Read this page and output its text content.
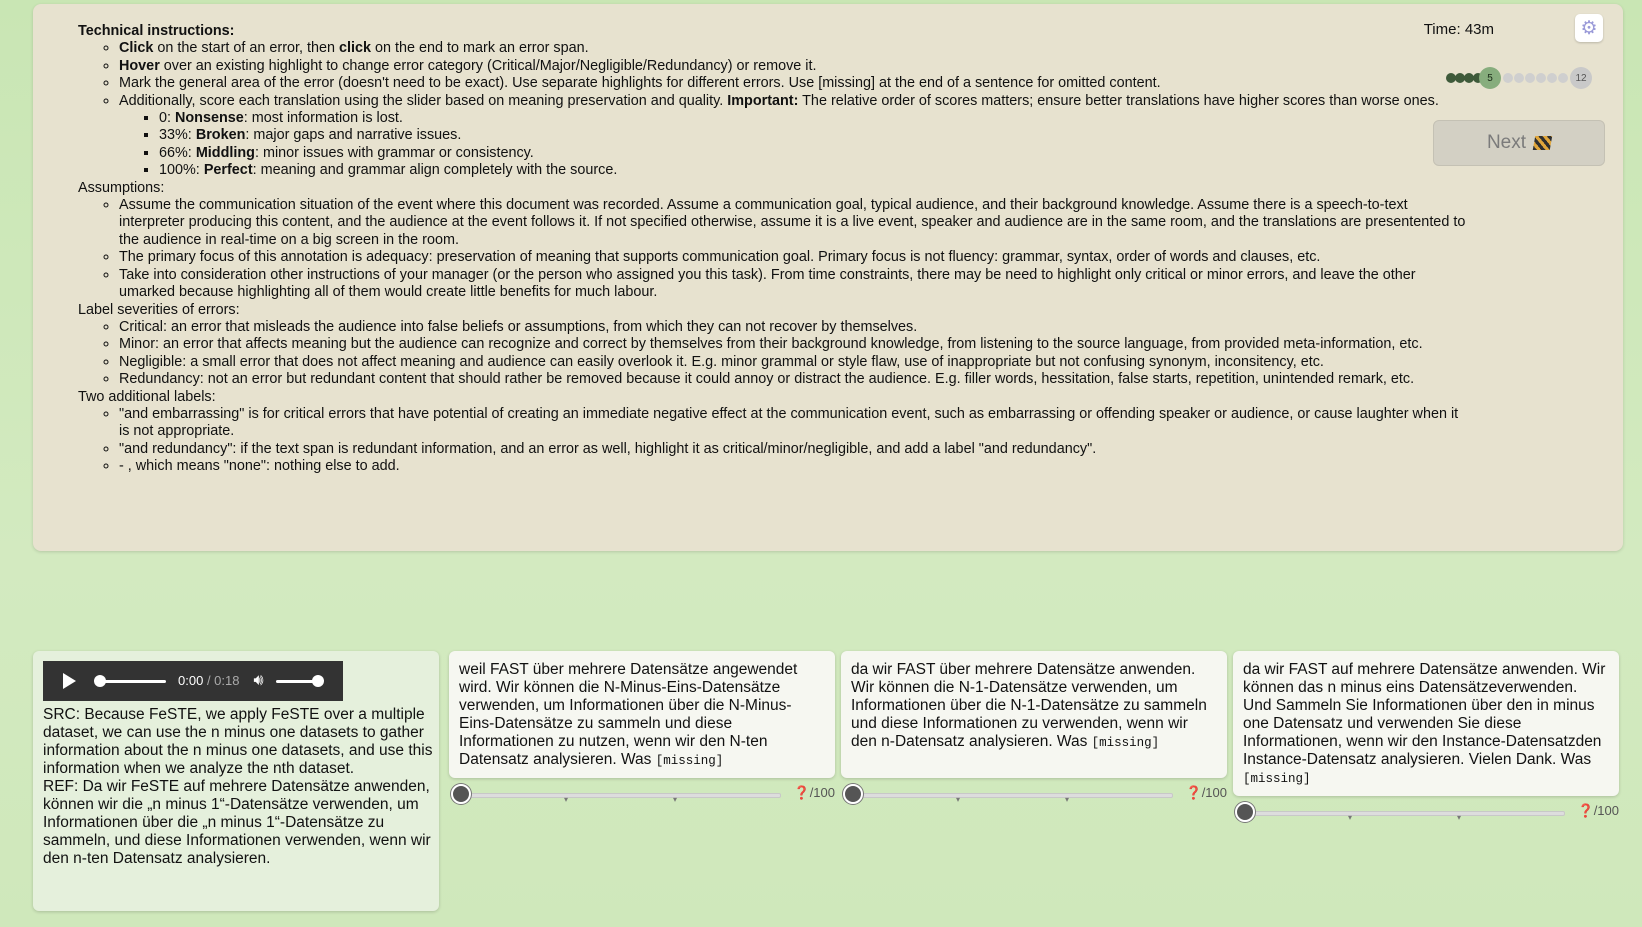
Technical instructions:
◦ Click on the start of an error, then click on the end to mark an error span.
◦ Hover over an existing highlight to change error category (Critical/Major/Negligible/Redundancy) or remove it.
◦ Mark the general area of the error (doesn't need to be exact). Use separate highlights for different errors. Use [missing] at the end of a sentence for omitted content.
◦ Additionally, score each translation using the slider based on meaning preservation and quality. Important: The relative order of scores matters; ensure better translations have higher scores than worse ones.
▪ 0: Nonsense: most information is lost.
▪ 33%: Broken: major gaps and narrative issues.
▪ 66%: Middling: minor issues with grammar or consistency.
▪ 100%: Perfect: meaning and grammar align completely with the source.
Assumptions:
◦ Assume the communication situation of the event where this document was recorded. Assume a communication goal, typical audience, and their background knowledge. Assume there is a speech-to-text interpreter producing this content, and the audience at the event follows it. If not specified otherwise, assume it is a live event, speaker and audience are in the same room, and the translations are presentented to the audience in real-time on a big screen in the room.
◦ The primary focus of this annotation is adequacy: preservation of meaning that supports communication goal. Primary focus is not fluency: grammar, syntax, order of words and clauses, etc.
◦ Take into consideration other instructions of your manager (or the person who assigned you this task). From time constraints, there may be need to highlight only critical or minor errors, and leave the other umarked because highlighting all of them would create little benefits for much labour.
Label severities of errors:
◦ Critical: an error that misleads the audience into false beliefs or assumptions, from which they can not recover by themselves.
◦ Minor: an error that affects meaning but the audience can recognize and correct by themselves from their background knowledge, from listening to the source language, from provided meta-information, etc.
◦ Negligible: a small error that does not affect meaning and audience can easily overlook it. E.g. minor grammal or style flaw, use of inappropriate but not confusing synonym, inconsitency, etc.
◦ Redundancy: not an error but redundant content that should rather be removed because it could annoy or distract the audience. E.g. filler words, hessitation, false starts, repetition, unintended remark, etc.
Two additional labels:
◦ "and embarrassing" is for critical errors that have potential of creating an immediate negative effect at the communication event, such as embarrassing or offending speaker or audience, or cause laughter when it is not appropriate.
◦ "and redundancy": if the text span is redundant information, and an error as well, highlight it as critical/minor/negligible, and add a label "and redundancy".
◦ - , which means "none": nothing else to add.
Time: 43m	⚙
5	12
Next
0:00 / 0:18 🔊︎
SRC: Because FeSTE, we apply FeSTE over a multiple dataset, we can use the n minus one datasets to gather information about the n minus one datasets, and use this information when we analyze the nth dataset.
REF: Da wir FeSTE auf mehrere Datensätze anwenden, können wir die „n minus 1“-Datensätze verwenden, um Informationen über die „n minus 1“-Datensätze zu sammeln, und diese Informationen verwenden, wenn wir den n-ten Datensatz analysieren.
weil FAST über mehrere Datensätze angewendet wird. Wir können die N-Minus-Eins-Datensätze verwenden, um Informationen über die N-Minus-Eins-Datensätze zu sammeln und diese Informationen zu nutzen, wenn wir den N-ten Datensatz analysieren. Was [missing]
▾	▾	❓/100
da wir FAST über mehrere Datensätze anwenden. Wir können die N-1-Datensätze verwenden, um Informationen über die N-1-Datensätze zu sammeln und diese Informationen zu verwenden, wenn wir den n-Datensatz analysieren. Was [missing]
▾	▾	❓/100
da wir FAST auf mehrere Datensätze anwenden. Wir können das n minus eins Datensätzeverwenden. Und Sammeln Sie Informationen über den in minus one Datensatz und verwenden Sie diese Informationen, wenn wir den Instance-Datensatzden Instance-Datensatz analysieren. Vielen Dank. Was [missing]
▾	▾	❓/100
